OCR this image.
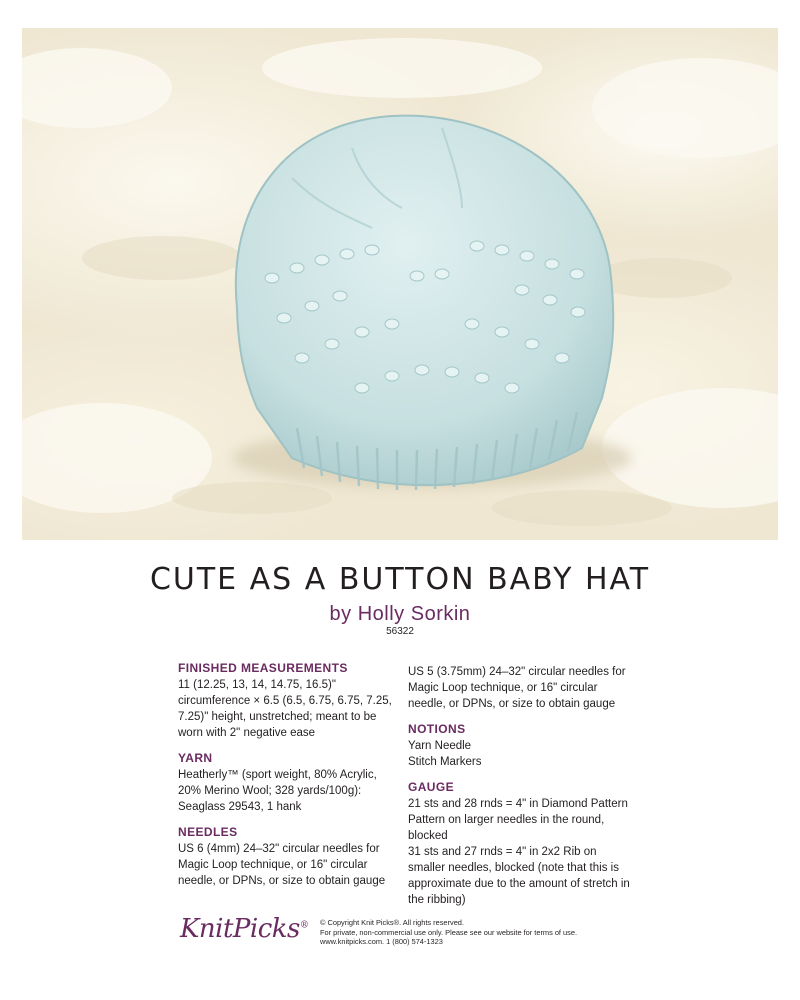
CUTE AS A BUTTON BABY HAT
by Holly Sorkin
56322
FINISHED MEASUREMENTS

11 (12.25, 13, 14, 14.75, 16.5)" circumference × 6.5 (6.5, 6.75, 6.75, 7.25, 7.25)" height, unstretched; meant to be worn with 2" negative ease

YARN

Heatherly™ (sport weight, 80% Acrylic, 20% Merino Wool; 328 yards/100g): Seaglass 29543, 1 hank

NEEDLES

US 6 (4mm) 24–32" circular needles for Magic Loop technique, or 16" circular needle, or DPNs, or size to obtain gauge

US 5 (3.75mm) 24–32" circular needles for Magic Loop technique, or 16" circular needle, or DPNs, or size to obtain gauge

NOTIONS

Yarn Needle

Stitch Markers

GAUGE

21 sts and 28 rnds = 4" in Diamond Pattern Pattern on larger needles in the round, blocked

31 sts and 27 rnds = 4" in 2x2 Rib on smaller needles, blocked (note that this is approximate due to the amount of stretch in the ribbing)

KnitPicks® © Copyright Knit Picks®. All rights reserved.
For private, non-commercial use only. Please see our website for terms of use.
www.knitpicks.com. 1 (800) 574-1323
